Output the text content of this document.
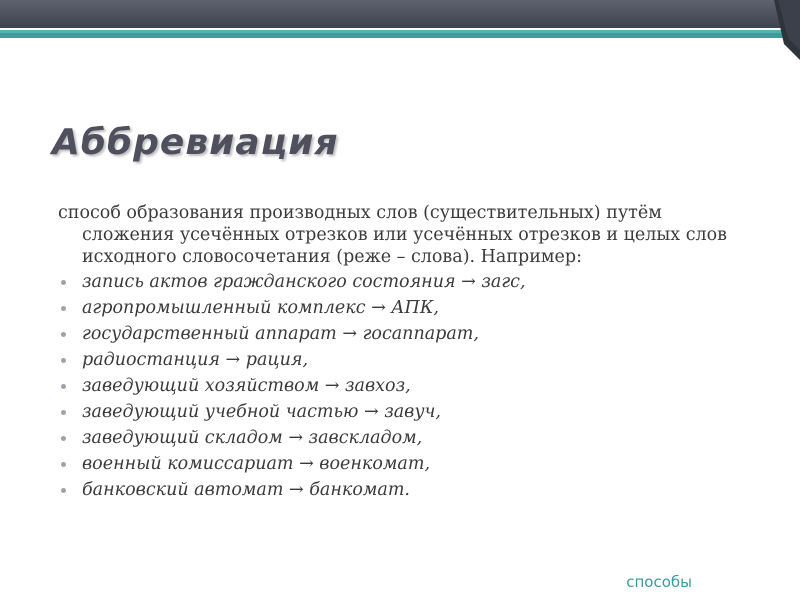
Аббревиация

способ образования производных слов (существительных) путём сложения усечённых отрезков или усечённых отрезков и целых слов исходного словосочетания (реже – слова). Например:

запись актов гражданского состояния → загс,
агропромышленный комплекс → АПК,
государственный аппарат → госаппарат,
радиостанция → рация,
заведующий хозяйством → завхоз,
заведующий учебной частью → завуч,
заведующий складом → завскладом,
военный комиссариат → военкомат,
банковский автомат → банкомат.
способы
